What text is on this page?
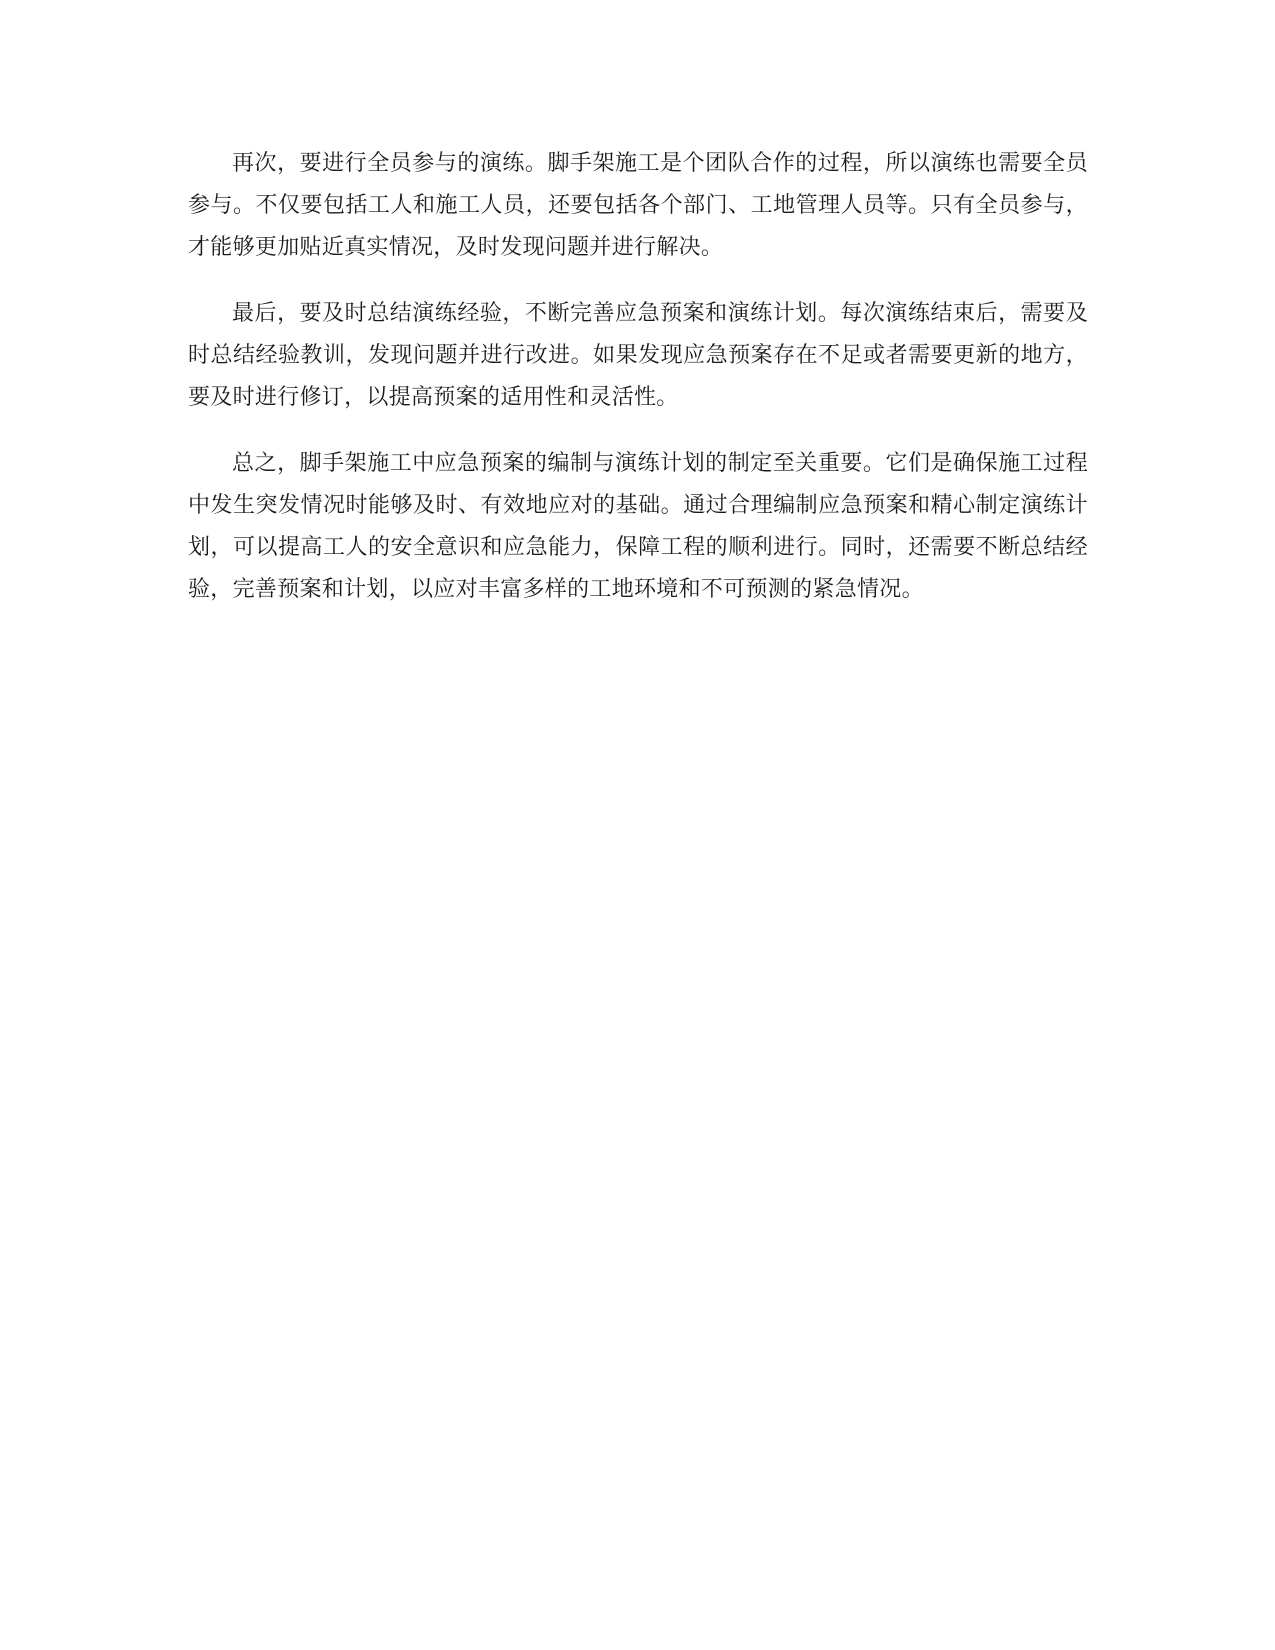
再次，要进行全员参与的演练。脚手架施工是个团队合作的过程，所以演练也需要全员参与。不仅要包括工人和施工人员，还要包括各个部门、工地管理人员等。只有全员参与，才能够更加贴近真实情况，及时发现问题并进行解决。

最后，要及时总结演练经验，不断完善应急预案和演练计划。每次演练结束后，需要及时总结经验教训，发现问题并进行改进。如果发现应急预案存在不足或者需要更新的地方，要及时进行修订，以提高预案的适用性和灵活性。

总之，脚手架施工中应急预案的编制与演练计划的制定至关重要。它们是确保施工过程中发生突发情况时能够及时、有效地应对的基础。通过合理编制应急预案和精心制定演练计划，可以提高工人的安全意识和应急能力，保障工程的顺利进行。同时，还需要不断总结经验，完善预案和计划，以应对丰富多样的工地环境和不可预测的紧急情况。
